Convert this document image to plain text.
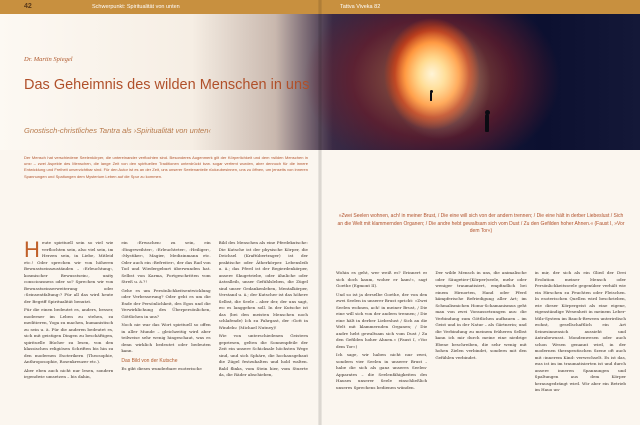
42	Schwerpunkt: Spiritualität von unten	Tattva Viveka 82
Dr. Martin Spiegel
Das Geheimnis des wilden Menschen in uns
Gnostisch-christliches Tantra als ›Spiritualität von unten‹

Der Mensch hat verschiedene Seelenkörper, die untereinander verflochten sind. Besonderes Augenmerk gilt der Körperlichkeit und dem ›wilden Menschen in uns‹ – zwei Aspekte des Menschen, die lange Zeit von den spirituellen Traditionen unterdrückt bzw. sogar verfemt wurden, aber dennoch für die innere Entwicklung und Freiheit unverzichtbar sind. Für den Autor ist es an der Zeit, uns unserer Seelenanteile rückzubesinnen, uns zu öffnen, um jenseits von inneren Spannungen und Spaltungen dem Mysterium Leben auf die Spur zu kommen.

Heute spirituell sein so viel wie verflochten sein, also viel sein, im Herzen sein, in Liebe, Mitleid etc.! Oder sprechen wir von höheren Bewusstseinszuständen – ›Erleuchtung‹, kosmischer Bewusstsein‹, unity consciousness oder so? Sprechen wir von Bewusstseinserweiterung oder ›Seinsentfaltung‹? Für all das wird heute der Begriff Spiritualität benutzt.

Für die einen bedeutet es, anders, besser, moderner im Leben zu stehen, zu meditieren, Yoga zu machen, humanistisch zu sein u. ä. Für die anderen bedeutet es, sich mit geistigen Dingen zu beschäftigen, spirituelle Bücher zu lesen, von den klassischen religiösen Schriften bis hin zu den modernen Esoterikern (Theosophie, Anthroposophie, Rosenkreuzer etc.).

Aber eben auch nicht nur lesen, sondern irgendwie umsetzen – bis dahin,

ein ›Erwachen‹ zu sein, ein ›Eingeweihter‹, ›Erleuchteter‹, ›Heiliger‹, ›Mystiker‹, Magier, Medizinmann etc. Oder auch ein ›Befreiter‹, der das Rad von Tod und Wiedergeburt überwunden hat. Selbst von Karma, Fortgeschritten vom Streß u. ä.?!

Gehe es um Persönlichkeitsentwicklung oder Verbesserung? Oder geht es um die Ende der Persönlichkeit, des Egos und die Verwirklichung des Überpersönlichen, Göttlichen in uns?

Noch nie war das Wort spirituell so offen in aller Munde – gleichzeitig wird aber teilweise sehr wenig hingeschaut, was es denn wirklich bedeutet oder bedeuten kann.

Das Bild von der Kutsche

Es gibt dieses wunderbare esoterische

Bild des Menschen als eine Pferdekutsche: Die Kutsche ist der physische Körper, die Deichsel (Kraftübertrager) ist der praktische oder Ätherkörper. Lebensleib u. ä.; das Pferd ist der Begierdenkörper, unsere Skugetriebe, oder ähnliche oder Astralleib, unser Gefühlsleben, die Zügel sind unser Gedankenleben, Mentalkörper, Verstand u. ä.; der Kutscher ist das höhere Selbst, die Seele – aber der, der uns sagt, wo es langgehen soll. In der Kutsche ist das (bei den meisten Menschen noch schlafende) Ich zu Fahrgast, der ›Gott in Windeln‹ (Michael Nutney)!

Wie von unterschiedenen Geistern gepriesen, gelten die Sonnenpfeile der Zeit ein unsere Schicksale höchsten Wege sind, und sich Sphäre, die hochausgebaut die Zügel festzuhalten und hold walten. Bald flinks, vom Stein hier, vom Stuerte da, die Räder abschieben,

»Zwei Seelen wohnen, ach! in meiner Brust, / Die eine will sich von der andern trennen; / Die eine hält in derber Liebeslust / Sich an die Welt mit klammernden Organen; / Die andre hebt gewaltsam sich vom Dust / Zu den Gefilden hoher Ahnen.« (Faust I, »Vor dem Tor«)

Wohin es geht, wer weiß es? Erinnert er sich doch kaum, woher er kam!«, sagt Goethe (Egmont II).

Und so ist ja derselbe Goethe, der von den zwei Seelen in unserer Brust spricht: »Zwei Seelen wohnen, ach! in meiner Brust, / Die eine will sich von der andern trennen; / Die eine hält in derber Liebeslust / Sich an die Welt mit klammernden Organen; / Die andre hebt gewaltsam sich vom Dust / Zu den Gefilden hoher Ahnen.« (Faust I, »Vor dem Tor«)

Ich sage, wir haben nicht nur zwei, sondern vier Seelen in unserer Brust – habe die sich als ganz unseres Seelen-Apparates – die Seelenfähigkeiten des Hauses unserer Seele einschließlich unseres Sprechens bedienen wünden.

Der wilde Mensch in uns, die animalische oder Säugetier-(Körper)seele, mehr oder weniger traumatisiert, empfindlich bei einem Hirnorten, Hand oder Pferd kämpferische Befriedigung aller Art; im Schmalismichen Homo-Schamanismus geht man von zwei Voraussetzungen aus: die Verbindung zum Göttlichen aufbauen – im Geist und in der Natur – als Gärtnerin; und die Verbindung zu meinem früheren Selbst kann ich mir durch meine eine niedrige Ebene beschreiben, die sehr wenig mit hohen Zielen verbindet, sondern mit den Gefühlen verbindet.

in mir, der sich als ein Glied der Drei Evolution meiner Mensch oder Persönlichkeitsseele gegenüber verhält wie ein Hirschen zu Feuchten oder Fleischen. In esoterischen Quellen wird beschrieben, wie dieser Körpergeist als eine eigene, eigenständige Wesenheit in meinem Leber-Milz-System im Bauch-Beween unterirdisch wohnt, gesellschaftlich ein Art Seinesinnensich aussieht und Antrabewusst. Mondenwesen oder auch schon Wesen genannt wird, in der modernen therapeutischen Szene oft auch mit ›innerem Kind‹ verwechselt. Es ist das, was ist im im traumatisierten ist und durch unsere inneren Spannungen und Spaltungen aus dem Körper herausgedrängt wird. Wir aber ein Betrieb im Hauo un-
